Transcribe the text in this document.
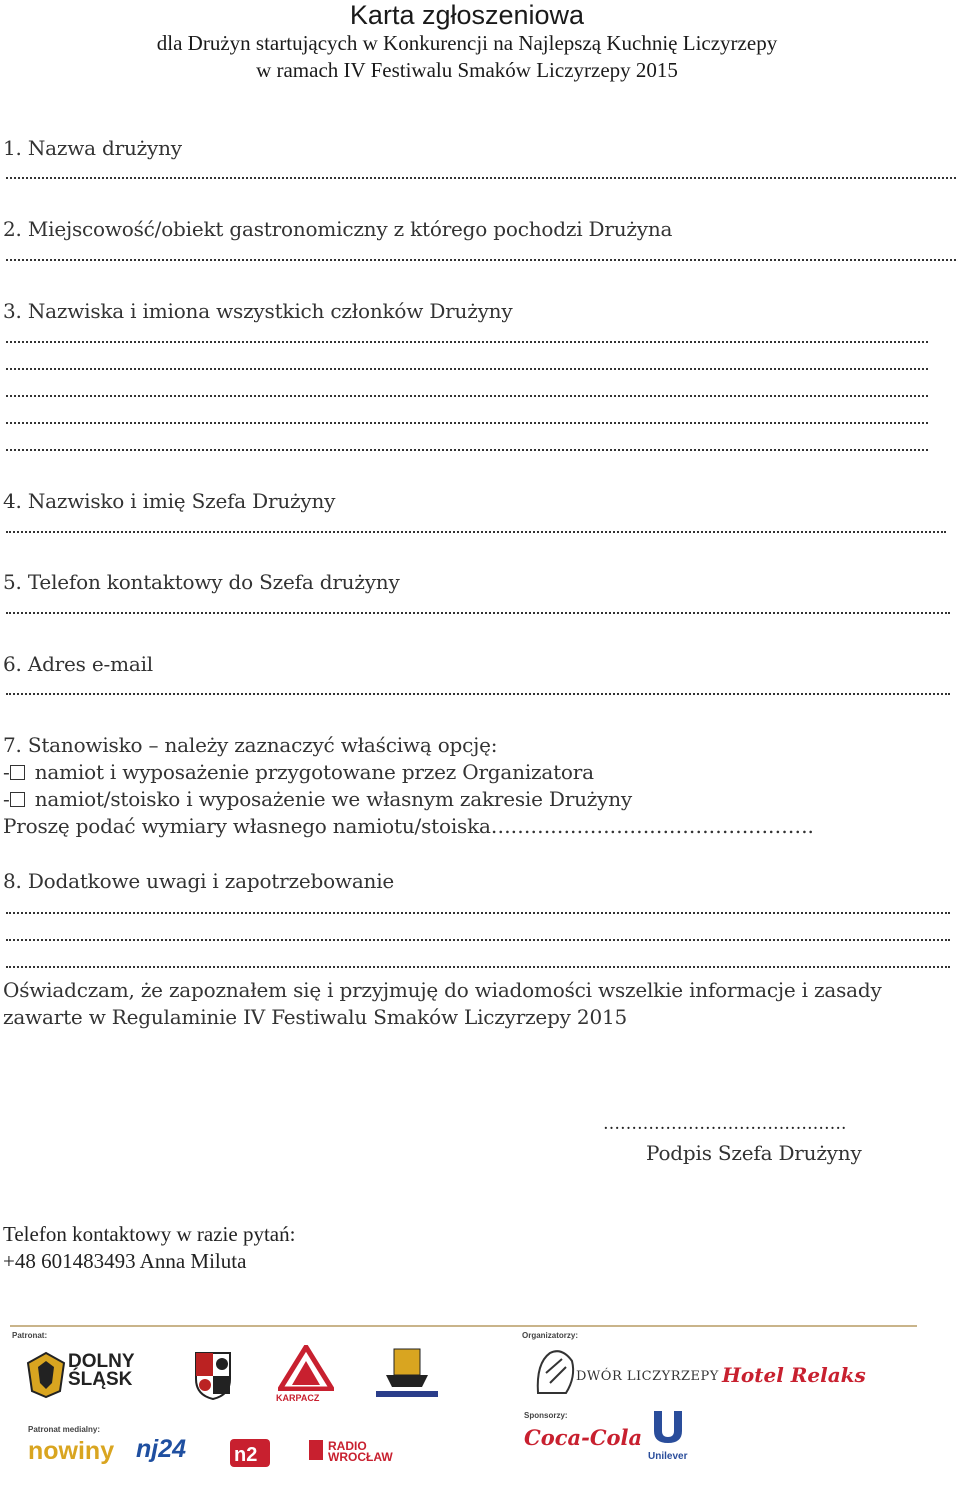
Karta zgłoszeniowa
dla Drużyn startujących w Konkurencji na Najlepszą Kuchnię Liczyrzepy
w ramach IV Festiwalu Smaków Liczyrzepy 2015
1. Nazwa drużyny
2. Miejscowość/obiekt gastronomiczny z którego pochodzi Drużyna
3. Nazwiska i imiona wszystkich członków Drużyny
4. Nazwisko i imię Szefa Drużyny
5. Telefon kontaktowy do Szefa drużyny
6. Adres e-mail
7. Stanowisko – należy zaznaczyć właściwą opcję:
- namiot i wyposażenie przygotowane przez Organizatora
- namiot/stoisko i wyposażenie we własnym zakresie Drużyny
Proszę podać wymiary własnego namiotu/stoiska………………………………………….
8. Dodatkowe uwagi i zapotrzebowanie
Oświadczam, że zapoznałem się i przyjmuję do wiadomości wszelkie informacje i zasady
zawarte w Regulaminie IV Festiwalu Smaków Liczyrzepy 2015
…………………………………….
Podpis Szefa Drużyny
Telefon kontaktowy w razie pytań:
+48 601483493 Anna Miluta
Patronat:	Organizatorzy:
Sponsorzy:
Patronat medialny:
DOLNY ŚLĄSK
KARPACZ
DWÓR LICZYRZEPY Hotel Relaks
Coca-Cola
Unilever
nowiny nj24 n2	RADIO WROCŁAW
